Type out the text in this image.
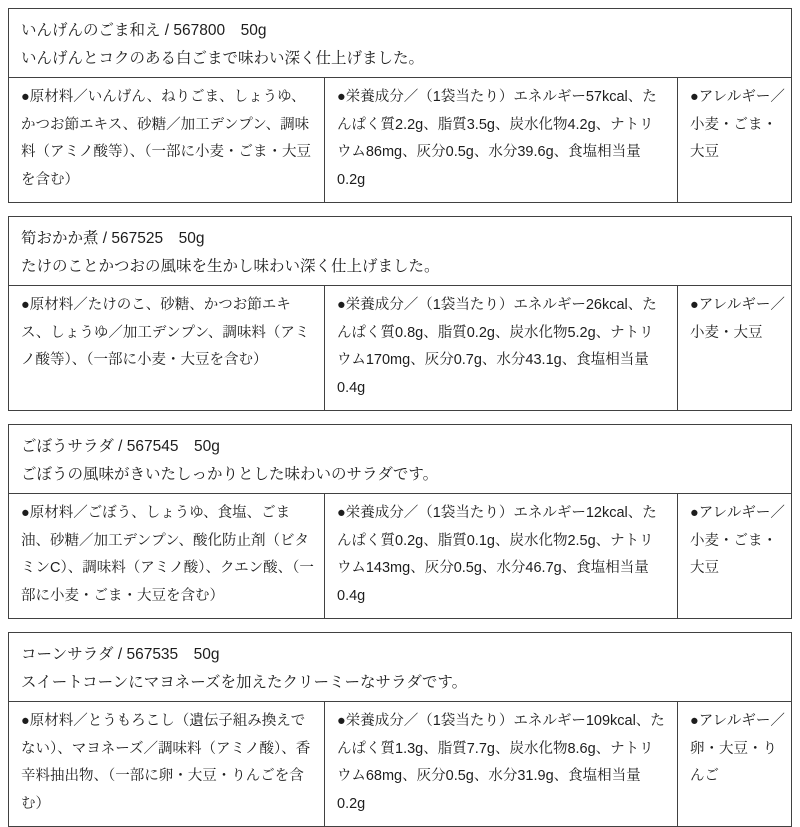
いんげんのごま和え / 567800　50g
いんげんとコクのある白ごまで味わい深く仕上げました。
●原材料／いんげん、ねりごま、しょうゆ、かつお節エキス、砂糖／加工デンプン、調味料（アミノ酸等）、（一部に小麦・ごま・大豆を含む）
●栄養成分／（1袋当たり）エネルギー57kcal、たんぱく質2.2g、脂質3.5g、炭水化物4.2g、ナトリウム86mg、灰分0.5g、水分39.6g、食塩相当量0.2g
●アレルギー／小麦・ごま・大豆
筍おかか煮 / 567525　50g
たけのことかつおの風味を生かし味わい深く仕上げました。
●原材料／たけのこ、砂糖、かつお節エキス、しょうゆ／加工デンプン、調味料（アミノ酸等）、（一部に小麦・大豆を含む）
●栄養成分／（1袋当たり）エネルギー26kcal、たんぱく質0.8g、脂質0.2g、炭水化物5.2g、ナトリウム170mg、灰分0.7g、水分43.1g、食塩相当量0.4g
●アレルギー／小麦・大豆
ごぼうサラダ / 567545　50g
ごぼうの風味がきいたしっかりとした味わいのサラダです。
●原材料／ごぼう、しょうゆ、食塩、ごま油、砂糖／加工デンプン、酸化防止剤（ビタミンC）、調味料（アミノ酸）、クエン酸、（一部に小麦・ごま・大豆を含む）
●栄養成分／（1袋当たり）エネルギー12kcal、たんぱく質0.2g、脂質0.1g、炭水化物2.5g、ナトリウム143mg、灰分0.5g、水分46.7g、食塩相当量0.4g
●アレルギー／小麦・ごま・大豆
コーンサラダ / 567535　50g
スイートコーンにマヨネーズを加えたクリーミーなサラダです。
●原材料／とうもろこし（遺伝子組み換えでない）、マヨネーズ／調味料（アミノ酸）、香辛料抽出物、（一部に卵・大豆・りんごを含む）
●栄養成分／（1袋当たり）エネルギー109kcal、たんぱく質1.3g、脂質7.7g、炭水化物8.6g、ナトリウム68mg、灰分0.5g、水分31.9g、食塩相当量0.2g
●アレルギー／卵・大豆・りんご
